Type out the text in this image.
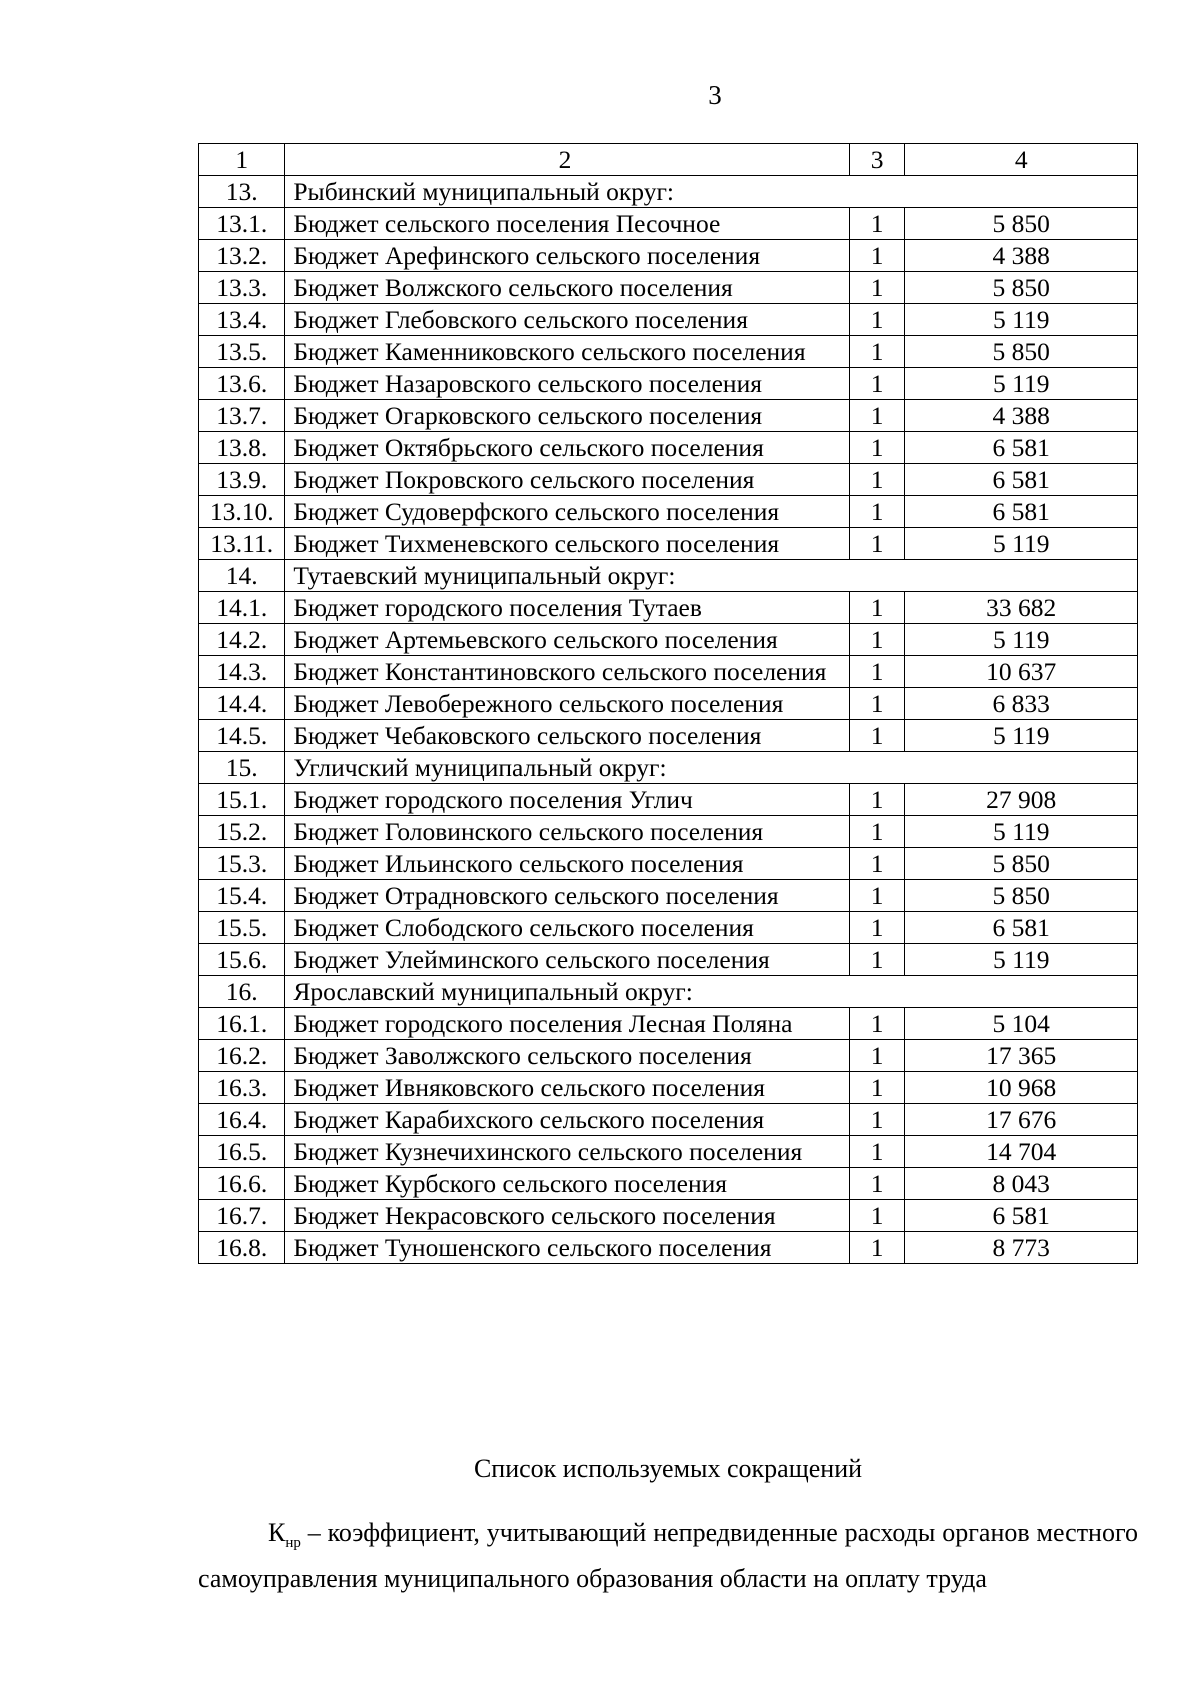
3
1	2	3	4
13.	Рыбинский муниципальный округ:		
13.1.	Бюджет сельского поселения Песочное	1	5 850
13.2.	Бюджет Арефинского сельского поселения	1	4 388
13.3.	Бюджет Волжского сельского поселения	1	5 850
13.4.	Бюджет Глебовского сельского поселения	1	5 119
13.5.	Бюджет Каменниковского сельского поселения	1	5 850
13.6.	Бюджет Назаровского сельского поселения	1	5 119
13.7.	Бюджет Огарковского сельского поселения	1	4 388
13.8.	Бюджет Октябрьского сельского поселения	1	6 581
13.9.	Бюджет Покровского сельского поселения	1	6 581
13.10.	Бюджет Судоверфского сельского поселения	1	6 581
13.11.	Бюджет Тихменевского сельского поселения	1	5 119
14.	Тутаевский муниципальный округ:		
14.1.	Бюджет городского поселения Тутаев	1	33 682
14.2.	Бюджет Артемьевского сельского поселения	1	5 119
14.3.	Бюджет Константиновского сельского поселения	1	10 637
14.4.	Бюджет Левобережного сельского поселения	1	6 833
14.5.	Бюджет Чебаковского сельского поселения	1	5 119
15.	Угличский муниципальный округ:		
15.1.	Бюджет городского поселения Углич	1	27 908
15.2.	Бюджет Головинского сельского поселения	1	5 119
15.3.	Бюджет Ильинского сельского поселения	1	5 850
15.4.	Бюджет Отрадновского сельского поселения	1	5 850
15.5.	Бюджет Слободского сельского поселения	1	6 581
15.6.	Бюджет Улейминского сельского поселения	1	5 119
16.	Ярославский муниципальный округ:		
16.1.	Бюджет городского поселения Лесная Поляна	1	5 104
16.2.	Бюджет Заволжского сельского поселения	1	17 365
16.3.	Бюджет Ивняковского сельского поселения	1	10 968
16.4.	Бюджет Карабихского сельского поселения	1	17 676
16.5.	Бюджет Кузнечихинского сельского поселения	1	14 704
16.6.	Бюджет Курбского сельского поселения	1	8 043
16.7.	Бюджет Некрасовского сельского поселения	1	6 581
16.8.	Бюджет Туношенского сельского поселения	1	8 773
Список используемых сокращений
$К_{нр}$ – коэффициент, учитывающий непредвиденные расходы органов местного самоуправления муниципального образования области на оплату труда
